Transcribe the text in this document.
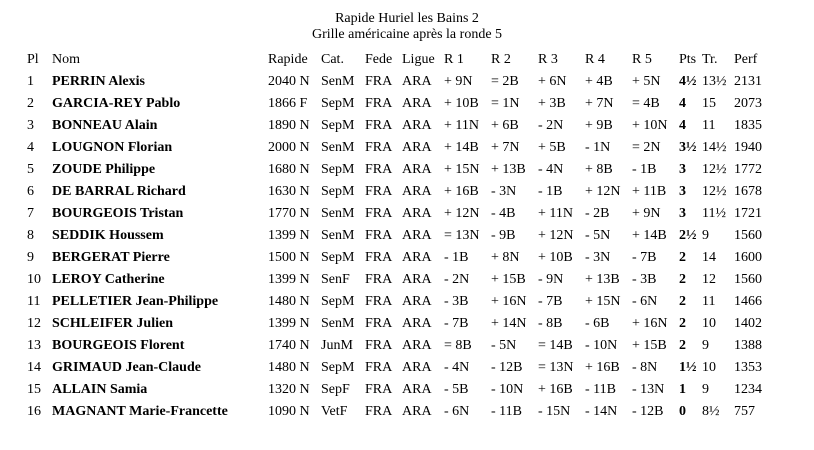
Rapide Huriel les Bains 2
Grille américaine après la ronde 5
Pl	Nom	Rapide	Cat.	Fede	Ligue	R 1	R 2	R 3	R 4	R 5	Pts	Tr.	Perf
1	PERRIN Alexis	2040 N	SenM	FRA	ARA	+ 9N	= 2B	+ 6N	+ 4B	+ 5N	4½	13½	2131
2	GARCIA-REY Pablo	1866 F	SepM	FRA	ARA	+ 10B	= 1N	+ 3B	+ 7N	= 4B	4	15	2073
3	BONNEAU Alain	1890 N	SepM	FRA	ARA	+ 11N	+ 6B	- 2N	+ 9B	+ 10N	4	11	1835
4	LOUGNON Florian	2000 N	SenM	FRA	ARA	+ 14B	+ 7N	+ 5B	- 1N	= 2N	3½	14½	1940
5	ZOUDE Philippe	1680 N	SepM	FRA	ARA	+ 15N	+ 13B	- 4N	+ 8B	- 1B	3	12½	1772
6	DE BARRAL Richard	1630 N	SepM	FRA	ARA	+ 16B	- 3N	- 1B	+ 12N	+ 11B	3	12½	1678
7	BOURGEOIS Tristan	1770 N	SenM	FRA	ARA	+ 12N	- 4B	+ 11N	- 2B	+ 9N	3	11½	1721
8	SEDDIK Houssem	1399 N	SenM	FRA	ARA	= 13N	- 9B	+ 12N	- 5N	+ 14B	2½	9	1560
9	BERGERAT Pierre	1500 N	SepM	FRA	ARA	- 1B	+ 8N	+ 10B	- 3N	- 7B	2	14	1600
10	LEROY Catherine	1399 N	SenF	FRA	ARA	- 2N	+ 15B	- 9N	+ 13B	- 3B	2	12	1560
11	PELLETIER Jean-Philippe	1480 N	SepM	FRA	ARA	- 3B	+ 16N	- 7B	+ 15N	- 6N	2	11	1466
12	SCHLEIFER Julien	1399 N	SenM	FRA	ARA	- 7B	+ 14N	- 8B	- 6B	+ 16N	2	10	1402
13	BOURGEOIS Florent	1740 N	JunM	FRA	ARA	= 8B	- 5N	= 14B	- 10N	+ 15B	2	9	1388
14	GRIMAUD Jean-Claude	1480 N	SepM	FRA	ARA	- 4N	- 12B	= 13N	+ 16B	- 8N	1½	10	1353
15	ALLAIN Samia	1320 N	SepF	FRA	ARA	- 5B	- 10N	+ 16B	- 11B	- 13N	1	9	1234
16	MAGNANT Marie-Francette	1090 N	VetF	FRA	ARA	- 6N	- 11B	- 15N	- 14N	- 12B	0	8½	757
